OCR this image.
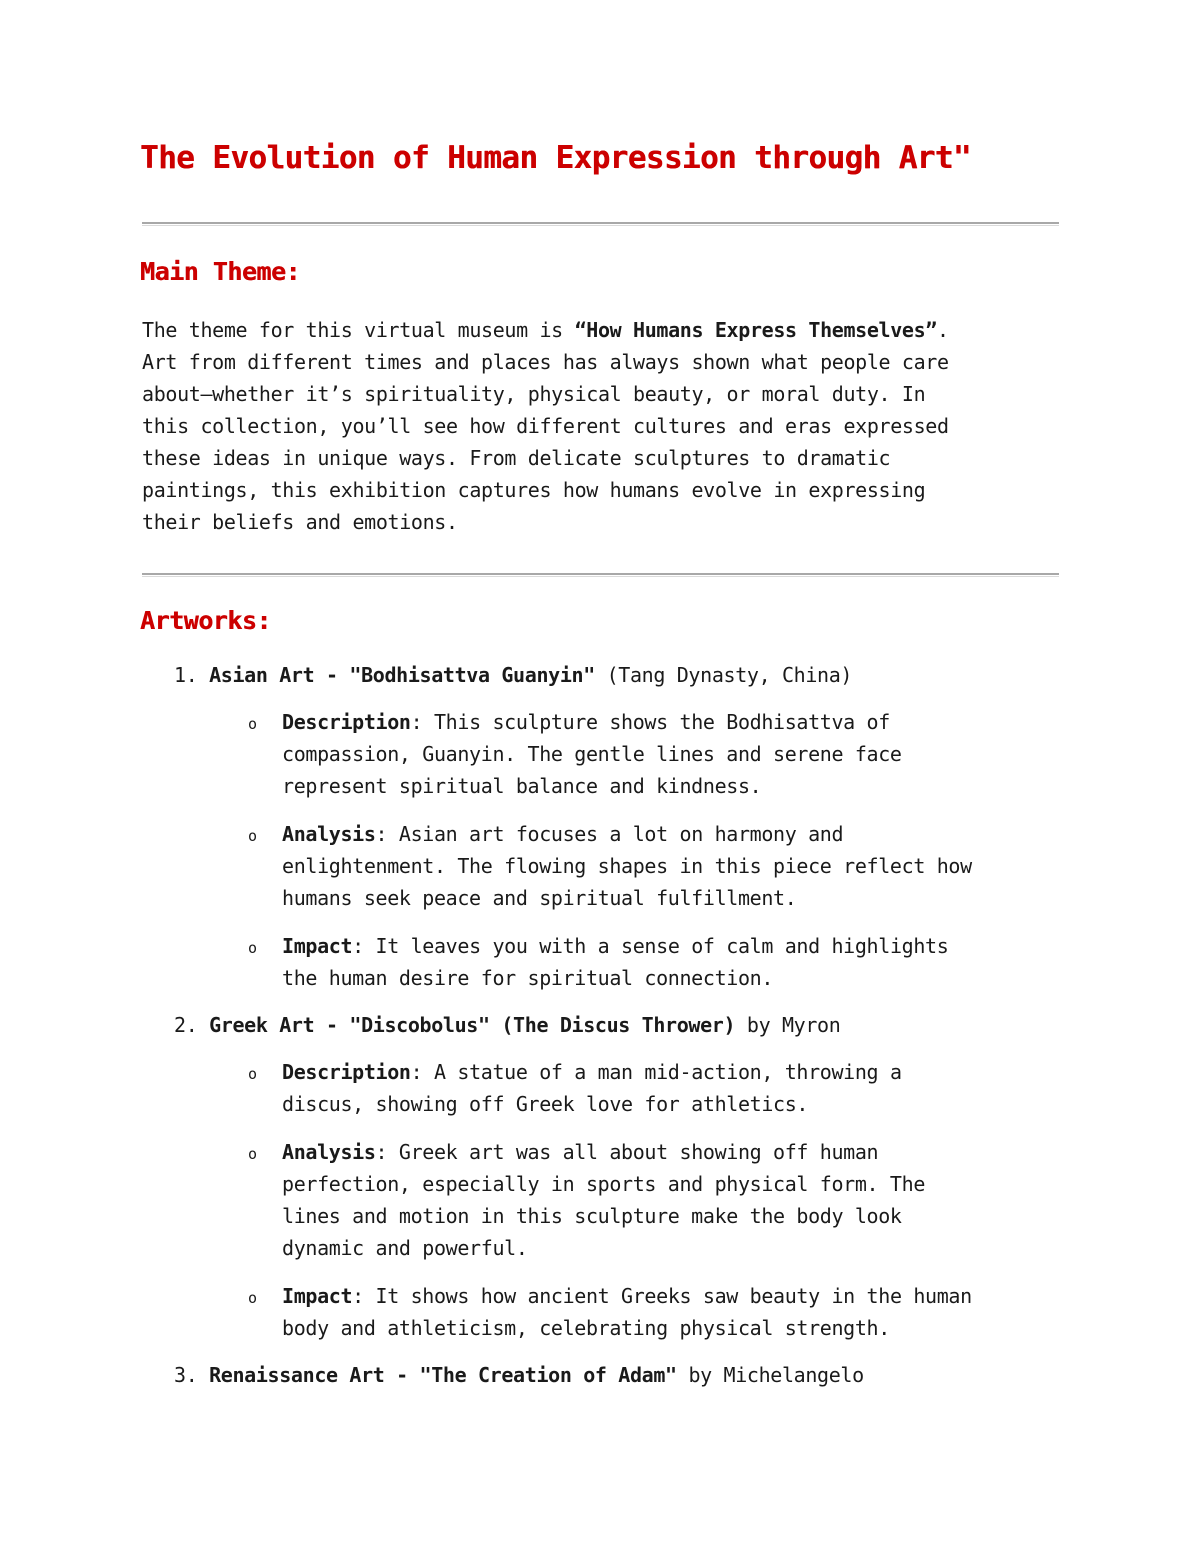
The Evolution of Human Expression through Art"
Main Theme:

The theme for this virtual museum is “How Humans Express Themselves”.
Art from different times and places has always shown what people care
about—whether it’s spirituality, physical beauty, or moral duty. In
this collection, you’ll see how different cultures and eras expressed
these ideas in unique ways. From delicate sculptures to dramatic
paintings, this exhibition captures how humans evolve in expressing
their beliefs and emotions.

Artworks:
1. Asian Art - "Bodhisattva Guanyin" (Tang Dynasty, China)
o Description: This sculpture shows the Bodhisattva of
compassion, Guanyin. The gentle lines and serene face
represent spiritual balance and kindness.
o Analysis: Asian art focuses a lot on harmony and
enlightenment. The flowing shapes in this piece reflect how
humans seek peace and spiritual fulfillment.
o Impact: It leaves you with a sense of calm and highlights
the human desire for spiritual connection.
2. Greek Art - "Discobolus" (The Discus Thrower) by Myron
o Description: A statue of a man mid-action, throwing a
discus, showing off Greek love for athletics.
o Analysis: Greek art was all about showing off human
perfection, especially in sports and physical form. The
lines and motion in this sculpture make the body look
dynamic and powerful.
o Impact: It shows how ancient Greeks saw beauty in the human
body and athleticism, celebrating physical strength.
3. Renaissance Art - "The Creation of Adam" by Michelangelo
